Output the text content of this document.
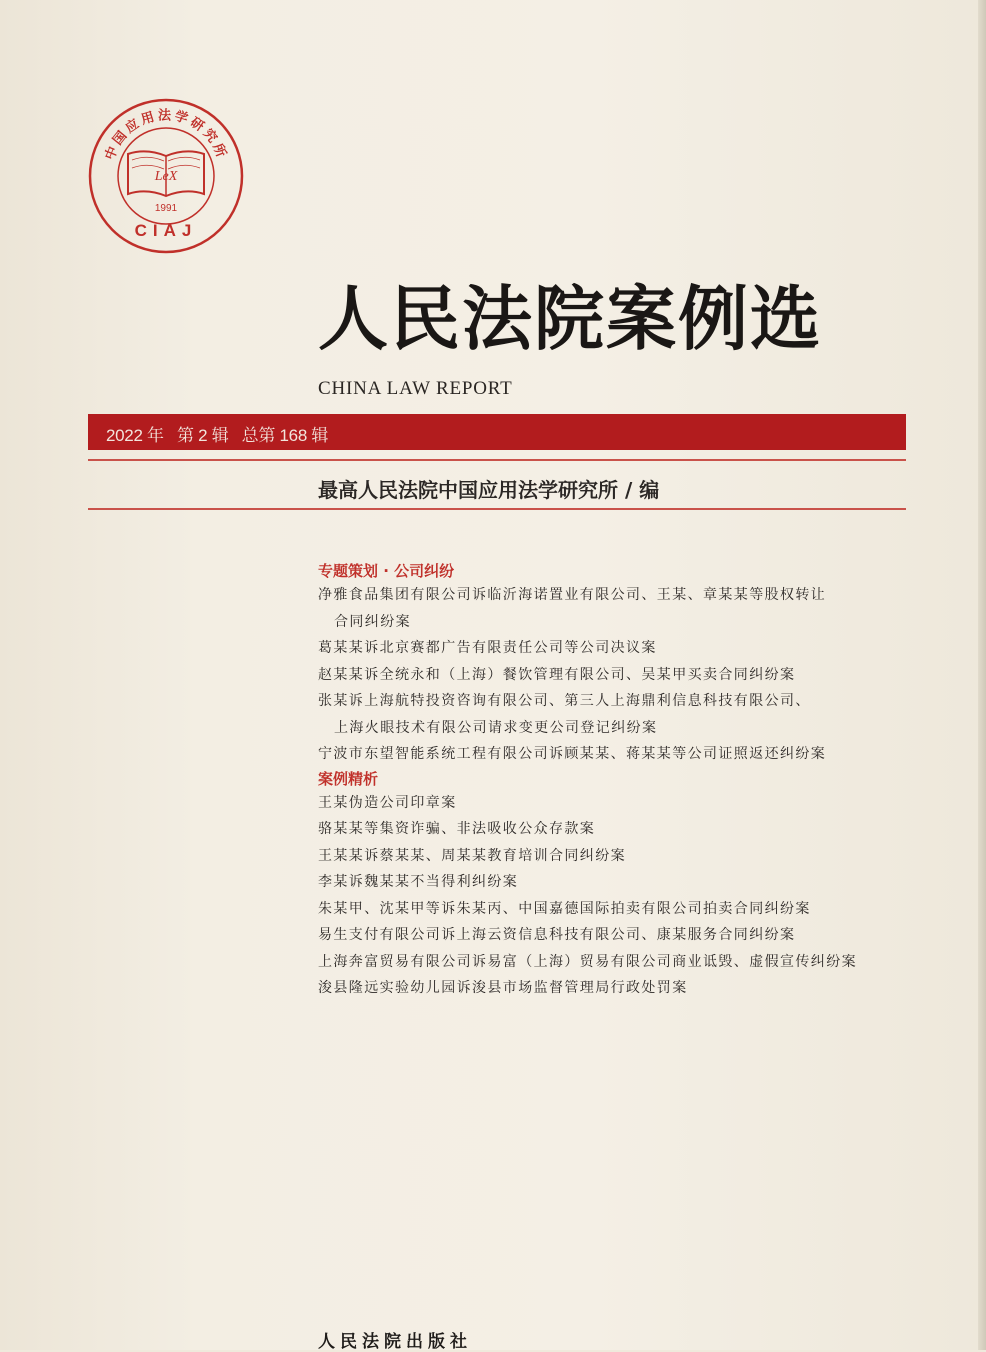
中国应用法学研究所
LeX
1991
CIAJ
人民法院案例选
CHINA LAW REPORT
2022 年   第 2 辑   总第 168 辑
最高人民法院中国应用法学研究所 / 编
专题策划 · 公司纠纷
净雅食品集团有限公司诉临沂海诺置业有限公司、王某、章某某等股权转让
合同纠纷案
葛某某诉北京赛都广告有限责任公司等公司决议案
赵某某诉全统永和（上海）餐饮管理有限公司、吴某甲买卖合同纠纷案
张某诉上海航特投资咨询有限公司、第三人上海鼎利信息科技有限公司、
上海火眼技术有限公司请求变更公司登记纠纷案
宁波市东望智能系统工程有限公司诉顾某某、蒋某某等公司证照返还纠纷案
案例精析
王某伪造公司印章案
骆某某等集资诈骗、非法吸收公众存款案
王某某诉蔡某某、周某某教育培训合同纠纷案
李某诉魏某某不当得利纠纷案
朱某甲、沈某甲等诉朱某丙、中国嘉德国际拍卖有限公司拍卖合同纠纷案
易生支付有限公司诉上海云资信息科技有限公司、康某服务合同纠纷案
上海奔富贸易有限公司诉易富（上海）贸易有限公司商业诋毁、虚假宣传纠纷案
浚县隆远实验幼儿园诉浚县市场监督管理局行政处罚案
人民法院出版社
